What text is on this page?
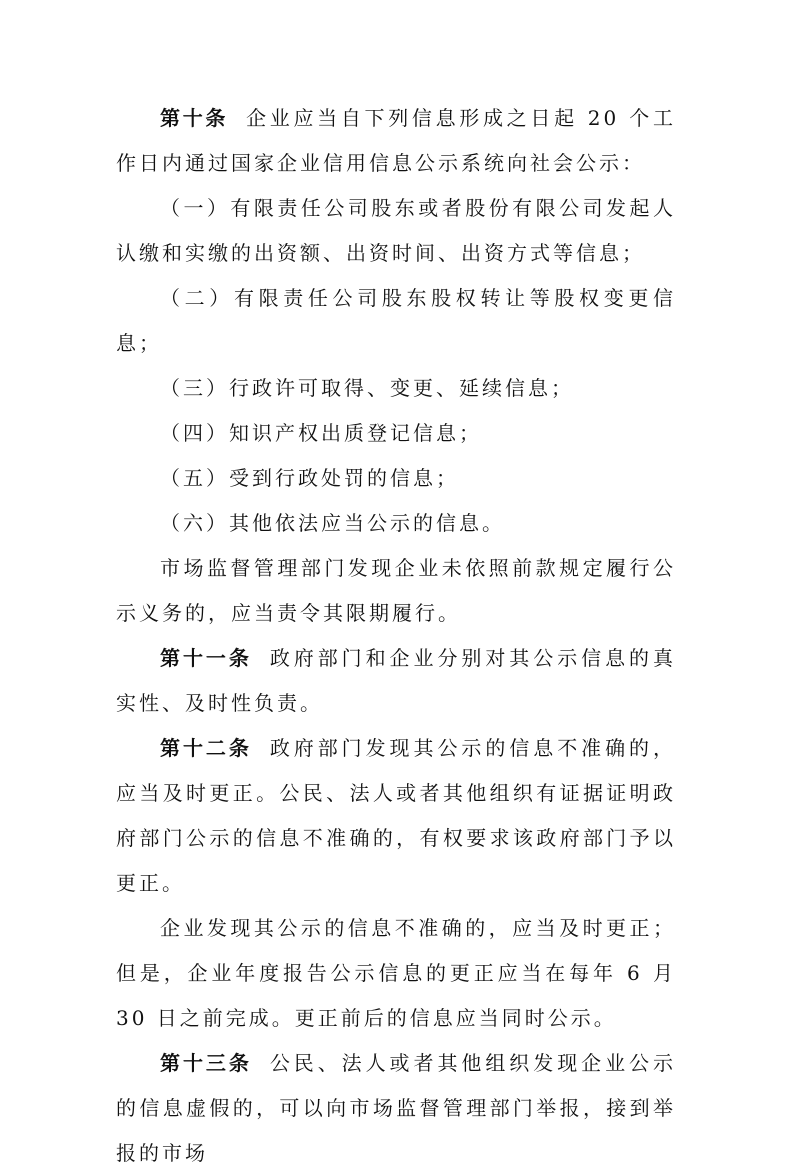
第十条 企业应当自下列信息形成之日起 20 个工作日内通过国家企业信用信息公示系统向社会公示：

（一）有限责任公司股东或者股份有限公司发起人认缴和实缴的出资额、出资时间、出资方式等信息；

（二）有限责任公司股东股权转让等股权变更信息；

（三）行政许可取得、变更、延续信息；

（四）知识产权出质登记信息；

（五）受到行政处罚的信息；

（六）其他依法应当公示的信息。

市场监督管理部门发现企业未依照前款规定履行公示义务的，应当责令其限期履行。

第十一条 政府部门和企业分别对其公示信息的真实性、及时性负责。

第十二条 政府部门发现其公示的信息不准确的，应当及时更正。公民、法人或者其他组织有证据证明政府部门公示的信息不准确的，有权要求该政府部门予以更正。

企业发现其公示的信息不准确的，应当及时更正；但是，企业年度报告公示信息的更正应当在每年 6 月 30 日之前完成。更正前后的信息应当同时公示。

第十三条 公民、法人或者其他组织发现企业公示的信息虚假的，可以向市场监督管理部门举报，接到举报的市场
